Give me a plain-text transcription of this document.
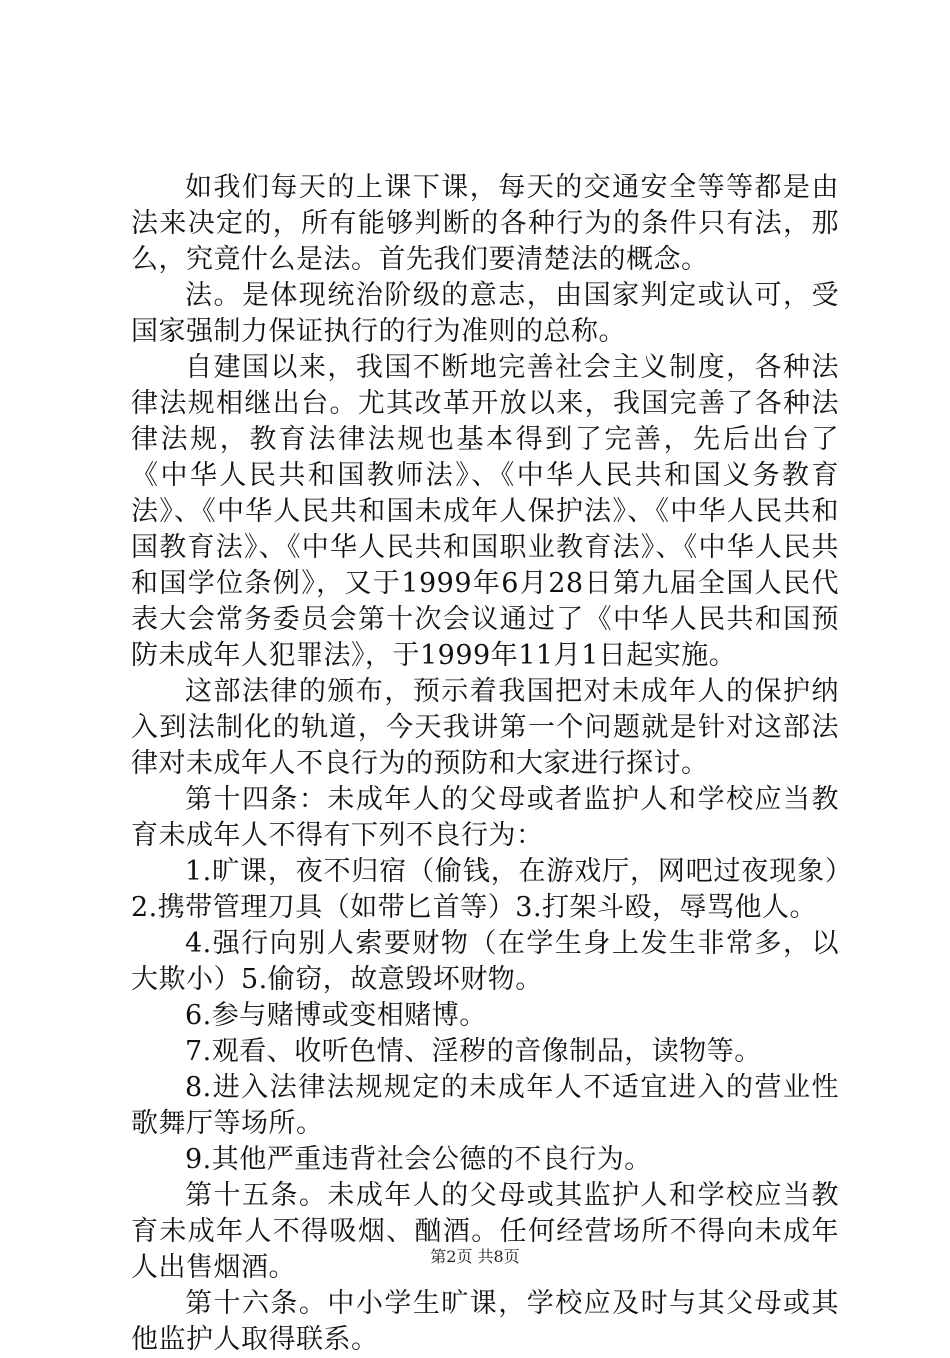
如我们每天的上课下课，每天的交通安全等等都是由法来决定的，所有能够判断的各种行为的条件只有法，那么，究竟什么是法。首先我们要清楚法的概念。

法。是体现统治阶级的意志，由国家判定或认可，受国家强制力保证执行的行为准则的总称。

自建国以来，我国不断地完善社会主义制度，各种法律法规相继出台。尤其改革开放以来，我国完善了各种法律法规，教育法律法规也基本得到了完善，先后出台了《中华人民共和国教师法》、《中华人民共和国义务教育法》、《中华人民共和国未成年人保护法》、《中华人民共和国教育法》、《中华人民共和国职业教育法》、《中华人民共和国学位条例》，又于1999年6月28日第九届全国人民代表大会常务委员会第十次会议通过了《中华人民共和国预防未成年人犯罪法》，于1999年11月1日起实施。

这部法律的颁布，预示着我国把对未成年人的保护纳入到法制化的轨道，今天我讲第一个问题就是针对这部法律对未成年人不良行为的预防和大家进行探讨。

第十四条：未成年人的父母或者监护人和学校应当教育未成年人不得有下列不良行为：

1.旷课，夜不归宿（偷钱，在游戏厅，网吧过夜现象）2.携带管理刀具（如带匕首等）3.打架斗殴，辱骂他人。

4.强行向别人索要财物（在学生身上发生非常多，以大欺小）5.偷窃，故意毁坏财物。

6.参与赌博或变相赌博。

7.观看、收听色情、淫秽的音像制品，读物等。

8.进入法律法规规定的未成年人不适宜进入的营业性歌舞厅等场所。

9.其他严重违背社会公德的不良行为。

第十五条。未成年人的父母或其监护人和学校应当教育未成年人不得吸烟、酗酒。任何经营场所不得向未成年人出售烟酒。

第十六条。中小学生旷课，学校应及时与其父母或其他监护人取得联系。

第2页 共8页
